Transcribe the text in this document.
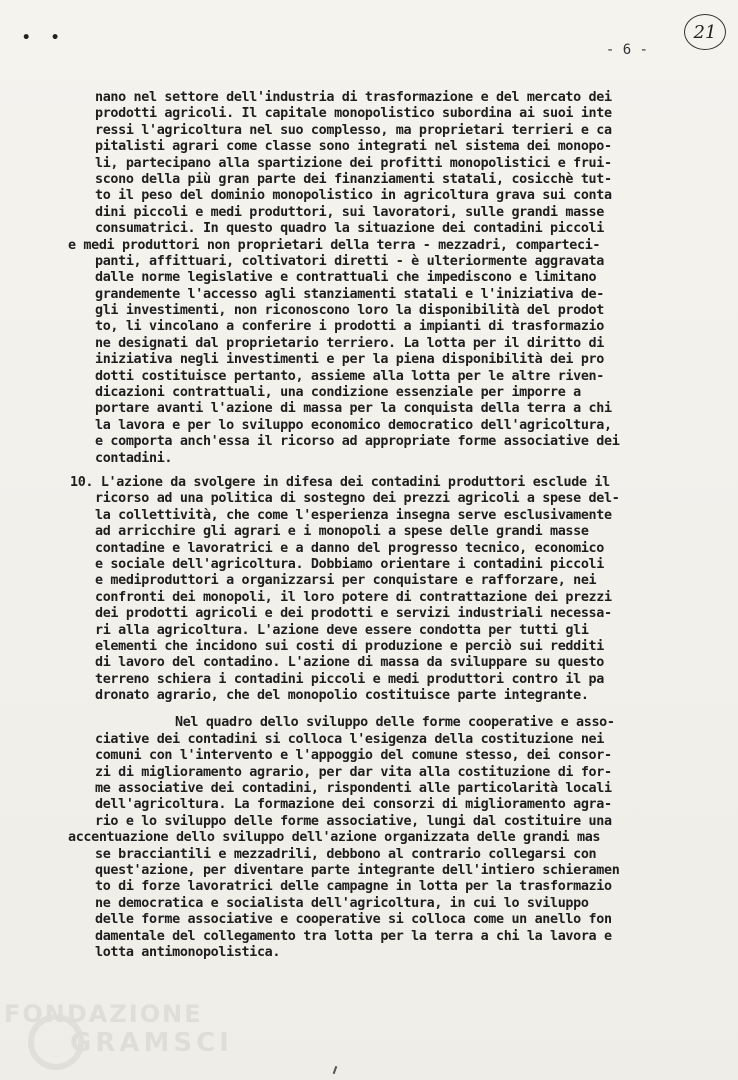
• •	21
- 6 -
nano nel settore dell'industria di trasformazione e del mercato dei
prodotti agricoli. Il capitale monopolistico subordina ai suoi inte
ressi l'agricoltura nel suo complesso, ma proprietari terrieri e ca
pitalisti agrari come classe sono integrati nel sistema dei monopo-
li, partecipano alla spartizione dei profitti monopolistici e frui-
scono della più gran parte dei finanziamenti statali, cosicchè tut-
to il peso del dominio monopolistico in agricoltura grava sui conta
dini piccoli e medi produttori, sui lavoratori, sulle grandi masse
consumatrici. In questo quadro la situazione dei contadini piccoli
e medi produttori non proprietari della terra - mezzadri, comparteci-
panti, affittuari, coltivatori diretti - è ulteriormente aggravata
dalle norme legislative e contrattuali che impediscono e limitano
grandemente l'accesso agli stanziamenti statali e l'iniziativa de-
gli investimenti, non riconoscono loro la disponibilità del prodot
to, li vincolano a conferire i prodotti a impianti di trasformazio
ne designati dal proprietario terriero. La lotta per il diritto di
iniziativa negli investimenti e per la piena disponibilità dei pro
dotti costituisce pertanto, assieme alla lotta per le altre riven-
dicazioni contrattuali, una condizione essenziale per imporre a
portare avanti l'azione di massa per la conquista della terra a chi
la lavora e per lo sviluppo economico democratico dell'agricoltura,
e comporta anch'essa il ricorso ad appropriate forme associative dei
contadini.
10. L'azione da svolgere in difesa dei contadini produttori esclude il
ricorso ad una politica di sostegno dei prezzi agricoli a spese del-
la collettività, che come l'esperienza insegna serve esclusivamente
ad arricchire gli agrari e i monopoli a spese delle grandi masse
contadine e lavoratrici e a danno del progresso tecnico, economico
e sociale dell'agricoltura. Dobbiamo orientare i contadini piccoli
e mediproduttori a organizzarsi per conquistare e rafforzare, nei
confronti dei monopoli, il loro potere di contrattazione dei prezzi
dei prodotti agricoli e dei prodotti e servizi industriali necessa-
ri alla agricoltura. L'azione deve essere condotta per tutti gli
elementi che incidono sui costi di produzione e perciò sui redditi
di lavoro del contadino. L'azione di massa da sviluppare su questo
terreno schiera i contadini piccoli e medi produttori contro il pa
dronato agrario, che del monopolio costituisce parte integrante.
Nel quadro dello sviluppo delle forme cooperative e asso-
ciative dei contadini si colloca l'esigenza della costituzione nei
comuni con l'intervento e l'appoggio del comune stesso, dei consor-
zi di miglioramento agrario, per dar vita alla costituzione di for-
me associative dei contadini, rispondenti alle particolarità locali
dell'agricoltura. La formazione dei consorzi di miglioramento agra-
rio e lo sviluppo delle forme associative, lungi dal costituire una
accentuazione dello sviluppo dell'azione organizzata delle grandi mas
se bracciantili e mezzadrili, debbono al contrario collegarsi con
quest'azione, per diventare parte integrante dell'intiero schieramen
to di forze lavoratrici delle campagne in lotta per la trasformazio
ne democratica e socialista dell'agricoltura, in cui lo sviluppo
delle forme associative e cooperative si colloca come un anello fon
damentale del collegamento tra lotta per la terra a chi la lavora e
lotta antimonopolistica.
FONDAZIONE
GRAMSCI
